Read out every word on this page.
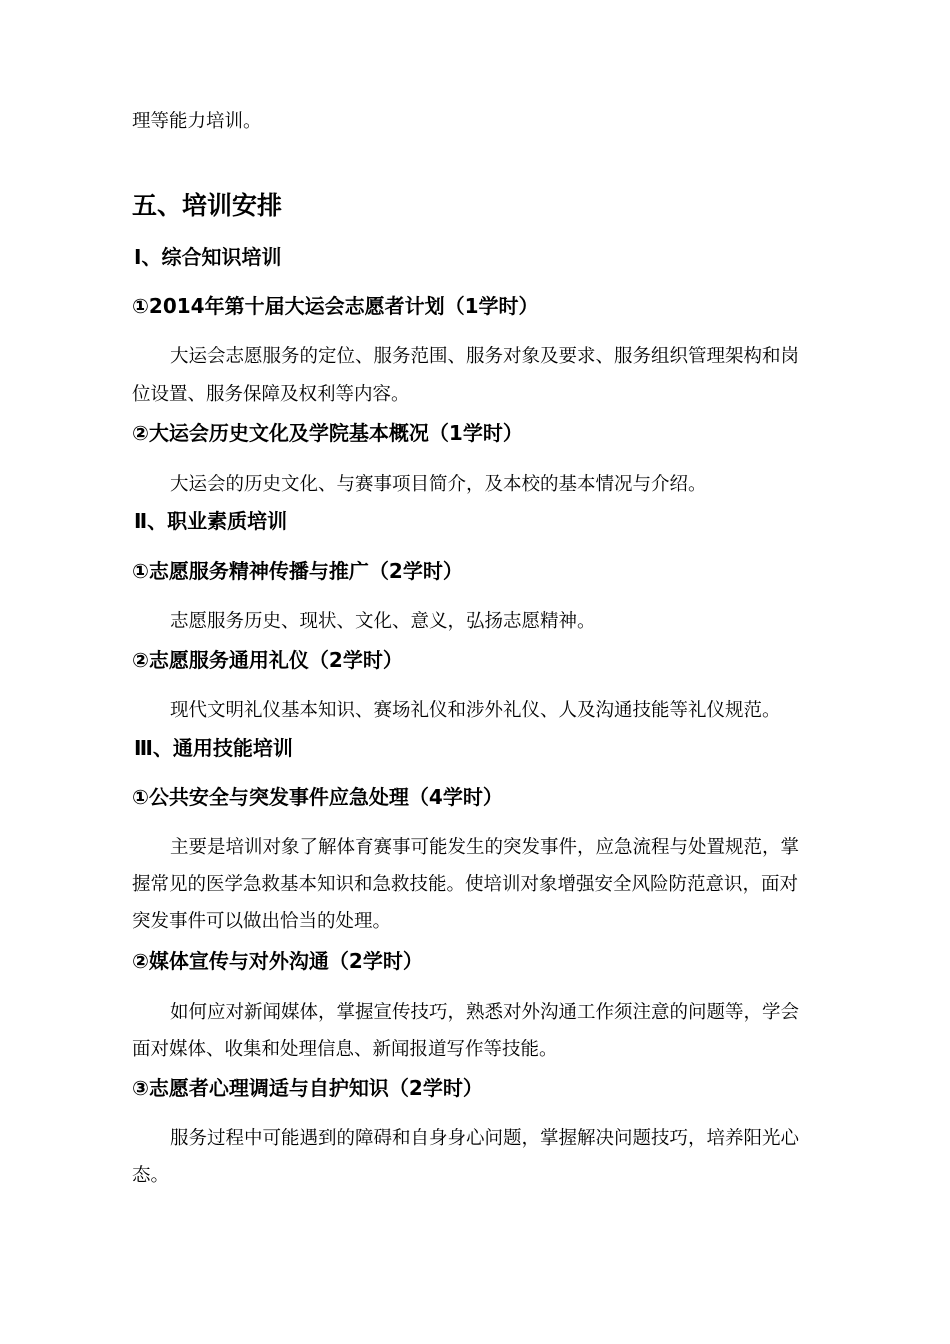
理等能力培训。
五、培训安排
Ⅰ、综合知识培训
①2014年第十届大运会志愿者计划（1学时）
大运会志愿服务的定位、服务范围、服务对象及要求、服务组织管理架构和岗
位设置、服务保障及权利等内容。
②大运会历史文化及学院基本概况（1学时）
大运会的历史文化、与赛事项目简介，及本校的基本情况与介绍。
Ⅱ、职业素质培训
①志愿服务精神传播与推广（2学时）
志愿服务历史、现状、文化、意义，弘扬志愿精神。
②志愿服务通用礼仪（2学时）
现代文明礼仪基本知识、赛场礼仪和涉外礼仪、人及沟通技能等礼仪规范。
Ⅲ、通用技能培训
①公共安全与突发事件应急处理（4学时）
主要是培训对象了解体育赛事可能发生的突发事件，应急流程与处置规范，掌
握常见的医学急救基本知识和急救技能。使培训对象增强安全风险防范意识，面对
突发事件可以做出恰当的处理。
②媒体宣传与对外沟通（2学时）
如何应对新闻媒体，掌握宣传技巧，熟悉对外沟通工作须注意的问题等，学会
面对媒体、收集和处理信息、新闻报道写作等技能。
③志愿者心理调适与自护知识（2学时）
服务过程中可能遇到的障碍和自身身心问题，掌握解决问题技巧，培养阳光心
态。
